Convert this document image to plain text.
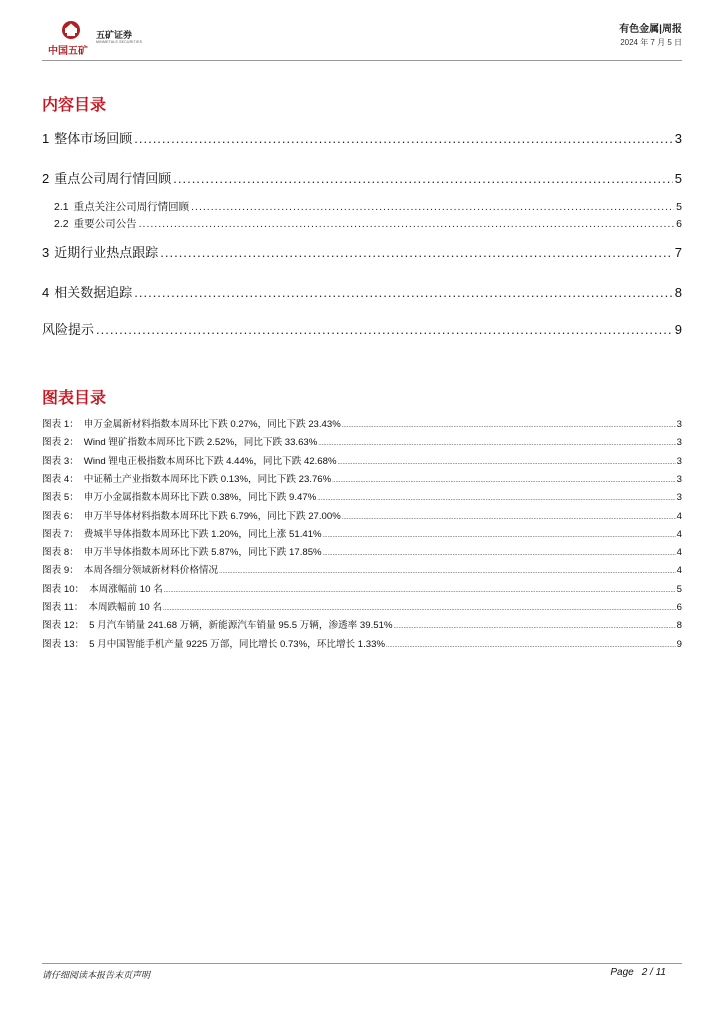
中国五矿
五矿证券
MINMETALS SECURITIES
有色金属|周报
2024 年 7 月 5 日
内容目录
1 整体市场回顾 .....	3
2 重点公司周行情回顾 .....	5
2.1 重点关注公司周行情回顾 .....	5
2.2 重要公司公告 .....	6
3 近期行业热点跟踪 .....	7
4 相关数据追踪 .....	8
风险提示 .....	9
图表目录
图表 1： 申万金属新材料指数本周环比下跌 0.27%，同比下跌 23.43% .....	3
图表 2： Wind 锂矿指数本周环比下跌 2.52%，同比下跌 33.63% .....	3
图表 3： Wind 锂电正极指数本周环比下跌 4.44%，同比下跌 42.68% .....	3
图表 4： 中证稀土产业指数本周环比下跌 0.13%，同比下跌 23.76% .....	3
图表 5： 申万小金属指数本周环比下跌 0.38%，同比下跌 9.47% .....	3
图表 6： 申万半导体材料指数本周环比下跌 6.79%，同比下跌 27.00% .....	4
图表 7： 费城半导体指数本周环比下跌 1.20%，同比上涨 51.41% .....	4
图表 8： 申万半导体指数本周环比下跌 5.87%，同比下跌 17.85% .....	4
图表 9： 本周各细分领域新材料价格情况 .....	4
图表 10： 本周涨幅前 10 名 .....	5
图表 11： 本周跌幅前 10 名 .....	6
图表 12： 5 月汽车销量 241.68 万辆，新能源汽车销量 95.5 万辆，渗透率 39.51% .....	8
图表 13： 5 月中国智能手机产量 9225 万部，同比增长 0.73%，环比增长 1.33% .....	9
请仔细阅读本报告末页声明	Page 2 / 11
